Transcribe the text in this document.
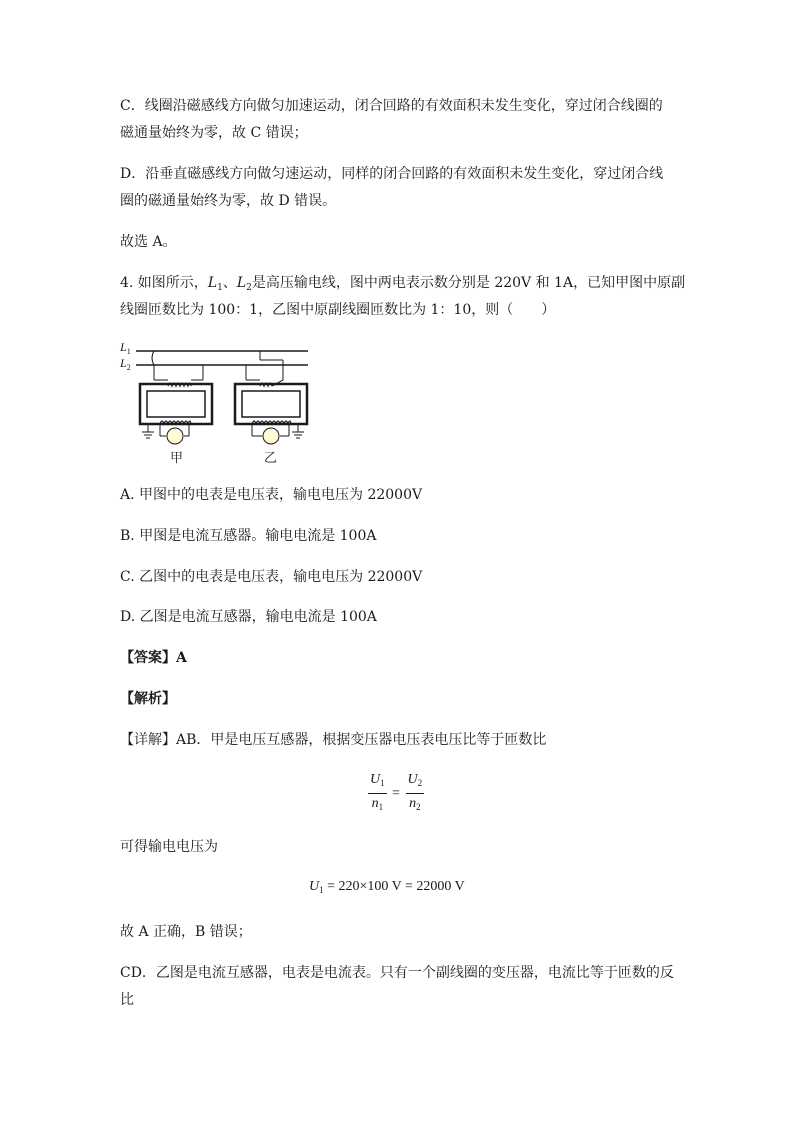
C．线圈沿磁感线方向做匀加速运动，闭合回路的有效面积未发生变化，穿过闭合线圈的
磁通量始终为零，故 C 错误；
D．沿垂直磁感线方向做匀速运动，同样的闭合回路的有效面积未发生变化，穿过闭合线
圈的磁通量始终为零，故 D 错误。
故选 A。
4. 如图所示，$L_1$、$L_2$是高压输电线，图中两电表示数分别是 220V 和 1A，已知甲图中原副
线圈匝数比为 100：1，乙图中原副线圈匝数比为 1：10，则（　　）
$L_1$
$L_2$
甲	乙
A. 甲图中的电表是电压表，输电电压为 22000V
B. 甲图是电流互感器。输电电流是 100A
C. 乙图中的电表是电压表，输电电压为 22000V
D. 乙图是电流互感器，输电电流是 100A
【答案】A
【解析】
【详解】AB．甲是电压互感器，根据变压器电压表电压比等于匝数比
$\frac{U_1}{n_1} = \frac{U_2}{n_2}$
可得输电电压为
$U_1 = 220\times 100$ V = 22000 V
故 A 正确，B 错误；
CD．乙图是电流互感器，电表是电流表。只有一个副线圈的变压器，电流比等于匝数的反
比
